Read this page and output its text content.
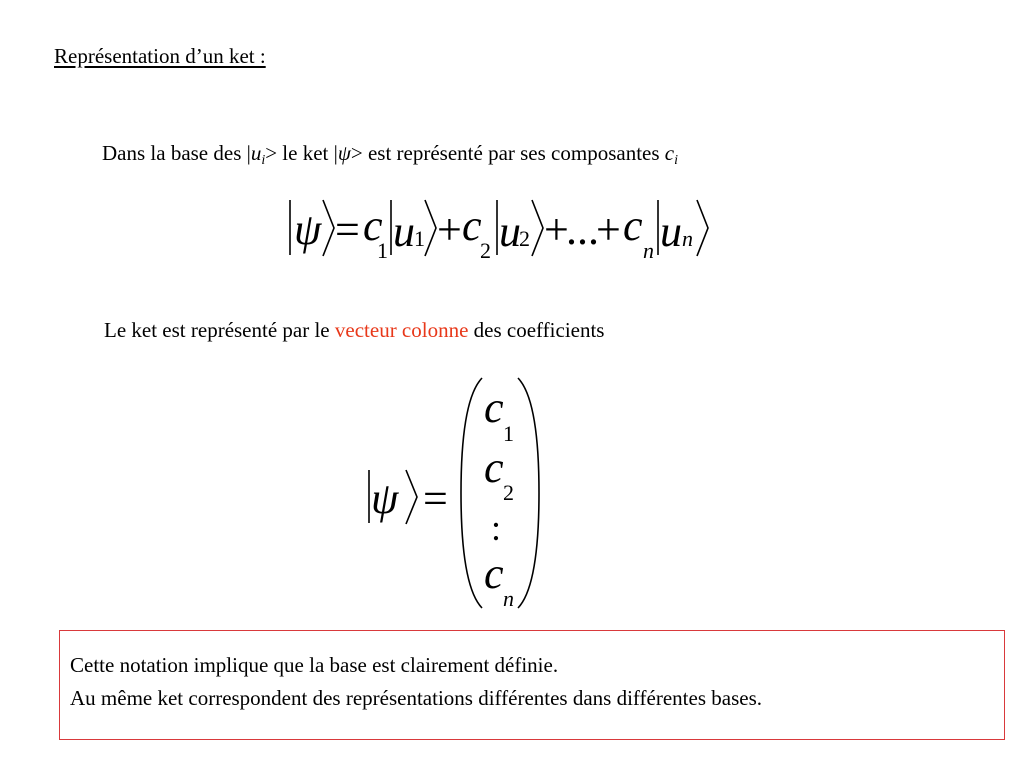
Représentation d’un ket :
Dans la base des $|u_i>$ le ket |ψ> est représenté par ses composantes $c_i$
ψ = c
1 u 1 + c
2 u
2 +
...
+ c
n u n
ψ =
c
1
c
2
:
c
n
Le ket est représenté par le vecteur colonne des coefficients
Cette notation implique que la base est clairement définie.
Au même ket correspondent des représentations différentes dans différentes bases.
